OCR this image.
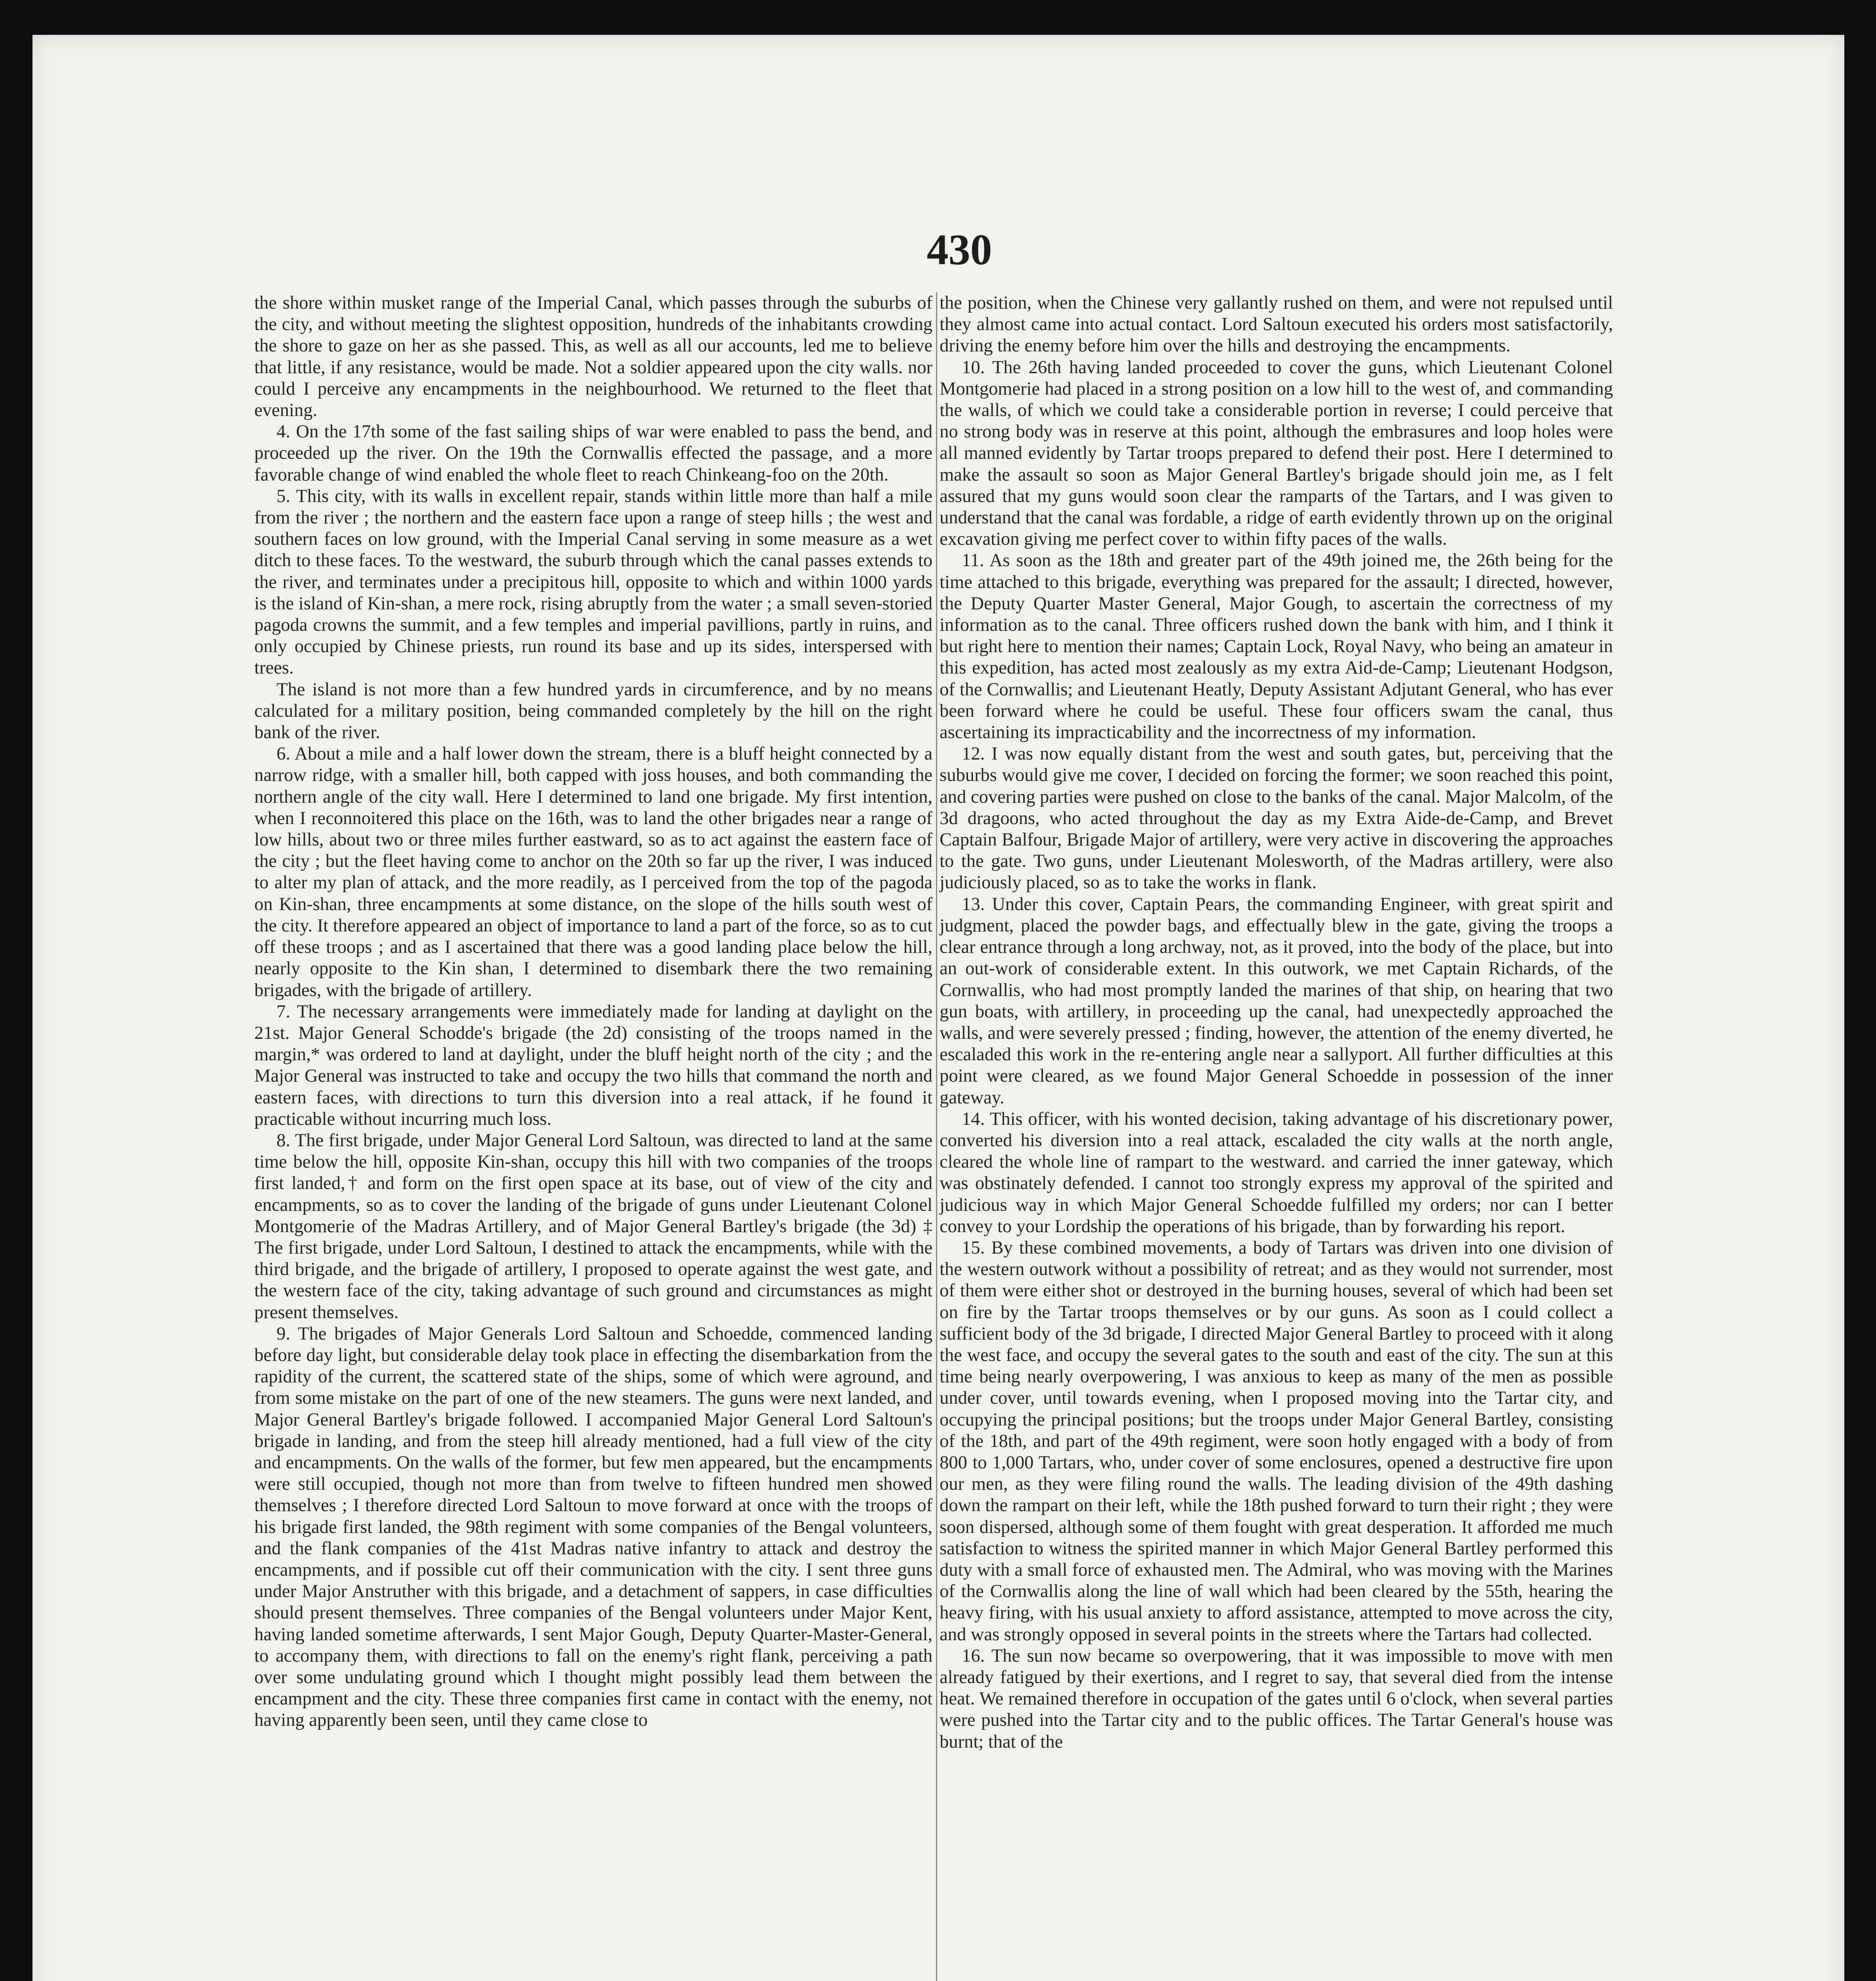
430

the shore within musket range of the Imperial Canal, which passes through the suburbs of the city, and without meeting the slightest opposition, hundreds of the inhabitants crowding the shore to gaze on her as she passed. This, as well as all our accounts, led me to believe that little, if any resistance, would be made. Not a soldier appeared upon the city walls. nor could I perceive any encampments in the neighbourhood. We returned to the fleet that evening.

4. On the 17th some of the fast sailing ships of war were enabled to pass the bend, and proceeded up the river. On the 19th the Cornwallis effected the passage, and a more favorable change of wind enabled the whole fleet to reach Chinkeang-foo on the 20th.

5. This city, with its walls in excellent repair, stands within little more than half a mile from the river ; the northern and the eastern face upon a range of steep hills ; the west and southern faces on low ground, with the Imperial Canal serving in some measure as a wet ditch to these faces. To the westward, the suburb through which the canal passes extends to the river, and terminates under a precipitous hill, opposite to which and within 1000 yards is the island of Kin-shan, a mere rock, rising abruptly from the water ; a small seven-storied pagoda crowns the summit, and a few temples and imperial pavillions, partly in ruins, and only occupied by Chinese priests, run round its base and up its sides, interspersed with trees.

The island is not more than a few hundred yards in circumference, and by no means calculated for a military position, being commanded completely by the hill on the right bank of the river.

6. About a mile and a half lower down the stream, there is a bluff height connected by a narrow ridge, with a smaller hill, both capped with joss houses, and both commanding the northern angle of the city wall. Here I determined to land one brigade. My first intention, when I reconnoitered this place on the 16th, was to land the other brigades near a range of low hills, about two or three miles further eastward, so as to act against the eastern face of the city ; but the fleet having come to anchor on the 20th so far up the river, I was induced to alter my plan of attack, and the more readily, as I perceived from the top of the pagoda on Kin-shan, three encampments at some distance, on the slope of the hills south west of the city. It therefore appeared an object of importance to land a part of the force, so as to cut off these troops ; and as I ascertained that there was a good landing place below the hill, nearly opposite to the Kin shan, I determined to disembark there the two remaining brigades, with the brigade of artillery.

7. The necessary arrangements were immediately made for landing at daylight on the 21st. Major General Schodde's brigade (the 2d) consisting of the troops named in the margin,* was ordered to land at daylight, under the bluff height north of the city ; and the Major General was instructed to take and occupy the two hills that command the north and eastern faces, with directions to turn this diversion into a real attack, if he found it practicable without incurring much loss.

8. The first brigade, under Major General Lord Saltoun, was directed to land at the same time below the hill, opposite Kin-shan, occupy this hill with two companies of the troops first landed,† and form on the first open space at its base, out of view of the city and encampments, so as to cover the landing of the brigade of guns under Lieutenant Colonel Montgomerie of the Madras Artillery, and of Major General Bartley's brigade (the 3d) ‡ The first brigade, under Lord Saltoun, I destined to attack the encampments, while with the third brigade, and the brigade of artillery, I proposed to operate against the west gate, and the western face of the city, taking advantage of such ground and circumstances as might present themselves.

9. The brigades of Major Generals Lord Saltoun and Schoedde, commenced landing before day light, but considerable delay took place in effecting the disembarkation from the rapidity of the current, the scattered state of the ships, some of which were aground, and from some mistake on the part of one of the new steamers. The guns were next landed, and Major General Bartley's brigade followed. I accompanied Major General Lord Saltoun's brigade in landing, and from the steep hill already mentioned, had a full view of the city and encampments. On the walls of the former, but few men appeared, but the encampments were still occupied, though not more than from twelve to fifteen hundred men showed themselves ; I therefore directed Lord Saltoun to move forward at once with the troops of his brigade first landed, the 98th regiment with some companies of the Bengal volunteers, and the flank companies of the 41st Madras native infantry to attack and destroy the encampments, and if possible cut off their communication with the city. I sent three guns under Major Anstruther with this brigade, and a detachment of sappers, in case difficulties should present themselves. Three companies of the Bengal volunteers under Major Kent, having landed sometime afterwards, I sent Major Gough, Deputy Quarter-Master-General, to accompany them, with directions to fall on the enemy's right flank, perceiving a path over some undulating ground which I thought might possibly lead them between the encampment and the city. These three companies first came in contact with the enemy, not having apparently been seen, until they came close to

the position, when the Chinese very gallantly rushed on them, and were not repulsed until they almost came into actual contact. Lord Saltoun executed his orders most satisfactorily, driving the enemy before him over the hills and destroying the encampments.

10. The 26th having landed proceeded to cover the guns, which Lieutenant Colonel Montgomerie had placed in a strong position on a low hill to the west of, and commanding the walls, of which we could take a considerable portion in reverse; I could perceive that no strong body was in reserve at this point, although the embrasures and loop holes were all manned evidently by Tartar troops prepared to defend their post. Here I determined to make the assault so soon as Major General Bartley's brigade should join me, as I felt assured that my guns would soon clear the ramparts of the Tartars, and I was given to understand that the canal was fordable, a ridge of earth evidently thrown up on the original excavation giving me perfect cover to within fifty paces of the walls.

11. As soon as the 18th and greater part of the 49th joined me, the 26th being for the time attached to this brigade, everything was prepared for the assault; I directed, however, the Deputy Quarter Master General, Major Gough, to ascertain the correctness of my information as to the canal. Three officers rushed down the bank with him, and I think it but right here to mention their names; Captain Lock, Royal Navy, who being an amateur in this expedition, has acted most zealously as my extra Aid-de-Camp; Lieutenant Hodgson, of the Cornwallis; and Lieutenant Heatly, Deputy Assistant Adjutant General, who has ever been forward where he could be useful. These four officers swam the canal, thus ascertaining its impracticability and the incorrectness of my information.

12. I was now equally distant from the west and south gates, but, perceiving that the suburbs would give me cover, I decided on forcing the former; we soon reached this point, and covering parties were pushed on close to the banks of the canal. Major Malcolm, of the 3d dragoons, who acted throughout the day as my Extra Aide-de-Camp, and Brevet Captain Balfour, Brigade Major of artillery, were very active in discovering the approaches to the gate. Two guns, under Lieutenant Molesworth, of the Madras artillery, were also judiciously placed, so as to take the works in flank.

13. Under this cover, Captain Pears, the commanding Engineer, with great spirit and judgment, placed the powder bags, and effectually blew in the gate, giving the troops a clear entrance through a long archway, not, as it proved, into the body of the place, but into an out-work of considerable extent. In this outwork, we met Captain Richards, of the Cornwallis, who had most promptly landed the marines of that ship, on hearing that two gun boats, with artillery, in proceeding up the canal, had unexpectedly approached the walls, and were severely pressed ; finding, however, the attention of the enemy diverted, he escaladed this work in the re-entering angle near a sallyport. All further difficulties at this point were cleared, as we found Major General Schoedde in possession of the inner gateway.

14. This officer, with his wonted decision, taking advantage of his discretionary power, converted his diversion into a real attack, escaladed the city walls at the north angle, cleared the whole line of rampart to the westward. and carried the inner gateway, which was obstinately defended. I cannot too strongly express my approval of the spirited and judicious way in which Major General Schoedde fulfilled my orders; nor can I better convey to your Lordship the operations of his brigade, than by forwarding his report.

15. By these combined movements, a body of Tartars was driven into one division of the western outwork without a possibility of retreat; and as they would not surrender, most of them were either shot or destroyed in the burning houses, several of which had been set on fire by the Tartar troops themselves or by our guns. As soon as I could collect a sufficient body of the 3d brigade, I directed Major General Bartley to proceed with it along the west face, and occupy the several gates to the south and east of the city. The sun at this time being nearly overpowering, I was anxious to keep as many of the men as possible under cover, until towards evening, when I proposed moving into the Tartar city, and occupying the principal positions; but the troops under Major General Bartley, consisting of the 18th, and part of the 49th regiment, were soon hotly engaged with a body of from 800 to 1,000 Tartars, who, under cover of some enclosures, opened a destructive fire upon our men, as they were filing round the walls. The leading division of the 49th dashing down the rampart on their left, while the 18th pushed forward to turn their right ; they were soon dispersed, although some of them fought with great desperation. It afforded me much satisfaction to witness the spirited manner in which Major General Bartley performed this duty with a small force of exhausted men. The Admiral, who was moving with the Marines of the Cornwallis along the line of wall which had been cleared by the 55th, hearing the heavy firing, with his usual anxiety to afford assistance, attempted to move across the city, and was strongly opposed in several points in the streets where the Tartars had collected.

16. The sun now became so overpowering, that it was impossible to move with men already fatigued by their exertions, and I regret to say, that several died from the intense heat. We remained therefore in occupation of the gates until 6 o'clock, when several parties were pushed into the Tartar city and to the public offices. The Tartar General's house was burnt; that of the
